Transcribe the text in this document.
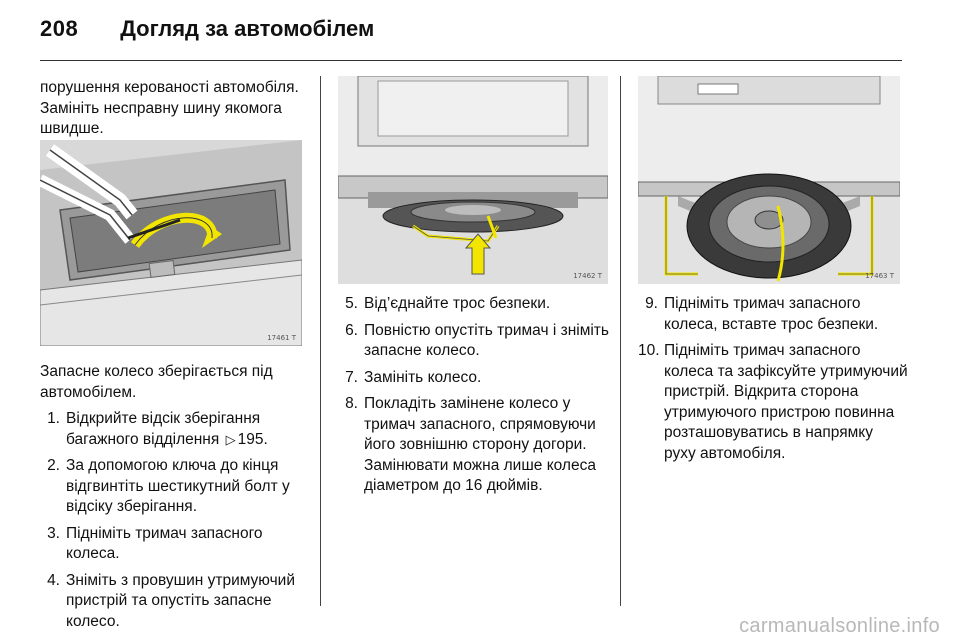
208 Догляд за автомобілем

порушення керованості автомобіля. Замініть несправну шину якомога швидше.

17461 T

Запасне колесо зберігається під автомобілем.

1. Відкрийте відсік зберігання багажного відділення ▷ 195.
2. За допомогою ключа до кінця відгвинтіть шестикутний болт у відсіку зберігання.
3. Підніміть тримач запасного колеса.
4. Зніміть з провушин утримуючий пристрій та опустіть запасне колесо.
17462 T
5. Від’єднайте трос безпеки.
6. Повністю опустіть тримач і зніміть запасне колесо.
7. Замініть колесо.
8. Покладіть замінене колесо у тримач запасного, спрямовуючи його зовнішню сторону догори. Замінювати можна лише колеса діаметром до 16 дюймів.
17463 T
9. Підніміть тримач запасного колеса, вставте трос безпеки.
10. Підніміть тримач запасного колеса та зафіксуйте утримуючий пристрій. Відкрита сторона утримуючого пристрою повинна розташовуватись в напрямку руху автомобіля.
carmanualsonline.info
